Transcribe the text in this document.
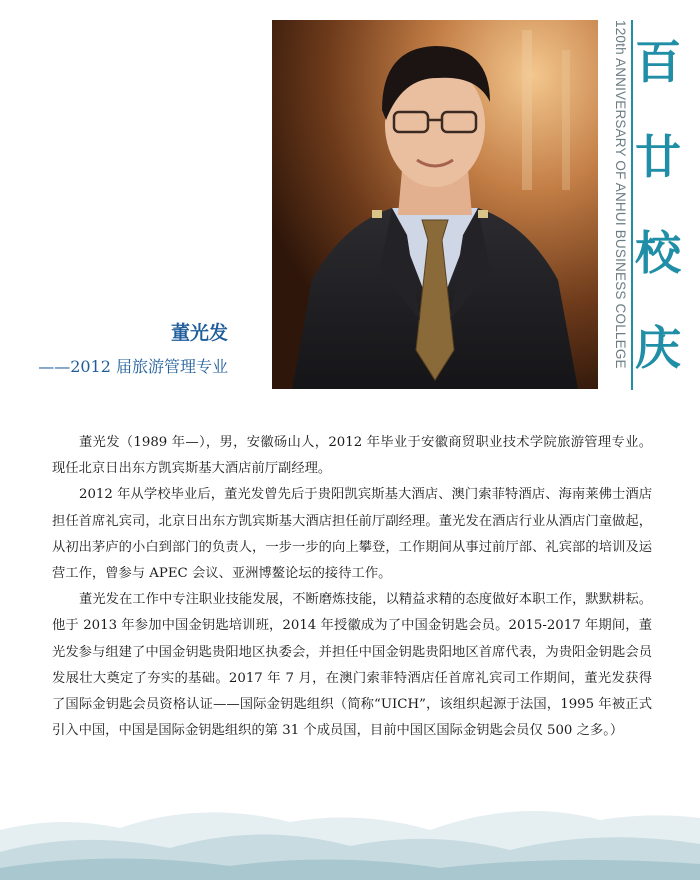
120th ANNIVERSARY OF ANHUI BUSINESS COLLEGE 百
廿
校
庆
董光发
——2012 届旅游管理专业

董光发（1989 年—），男，安徽砀山人，2012 年毕业于安徽商贸职业技术学院旅游管理专业。现任北京日出东方凯宾斯基大酒店前厅副经理。

2012 年从学校毕业后，董光发曾先后于贵阳凯宾斯基大酒店、澳门索菲特酒店、海南莱佛士酒店担任首席礼宾司，北京日出东方凯宾斯基大酒店担任前厅副经理。董光发在酒店行业从酒店门童做起，从初出茅庐的小白到部门的负责人，一步一步的向上攀登，工作期间从事过前厅部、礼宾部的培训及运营工作，曾参与 APEC 会议、亚洲博鳌论坛的接待工作。

董光发在工作中专注职业技能发展，不断磨炼技能，以精益求精的态度做好本职工作，默默耕耘。他于 2013 年参加中国金钥匙培训班，2014 年授徽成为了中国金钥匙会员。2015-2017 年期间，董光发参与组建了中国金钥匙贵阳地区执委会，并担任中国金钥匙贵阳地区首席代表，为贵阳金钥匙会员发展壮大奠定了夯实的基础。2017 年 7 月，在澳门索菲特酒店任首席礼宾司工作期间，董光发获得了国际金钥匙会员资格认证——国际金钥匙组织（简称“UICH”，该组织起源于法国，1995 年被正式引入中国，中国是国际金钥匙组织的第 31 个成员国，目前中国区国际金钥匙会员仅 500 之多。）
